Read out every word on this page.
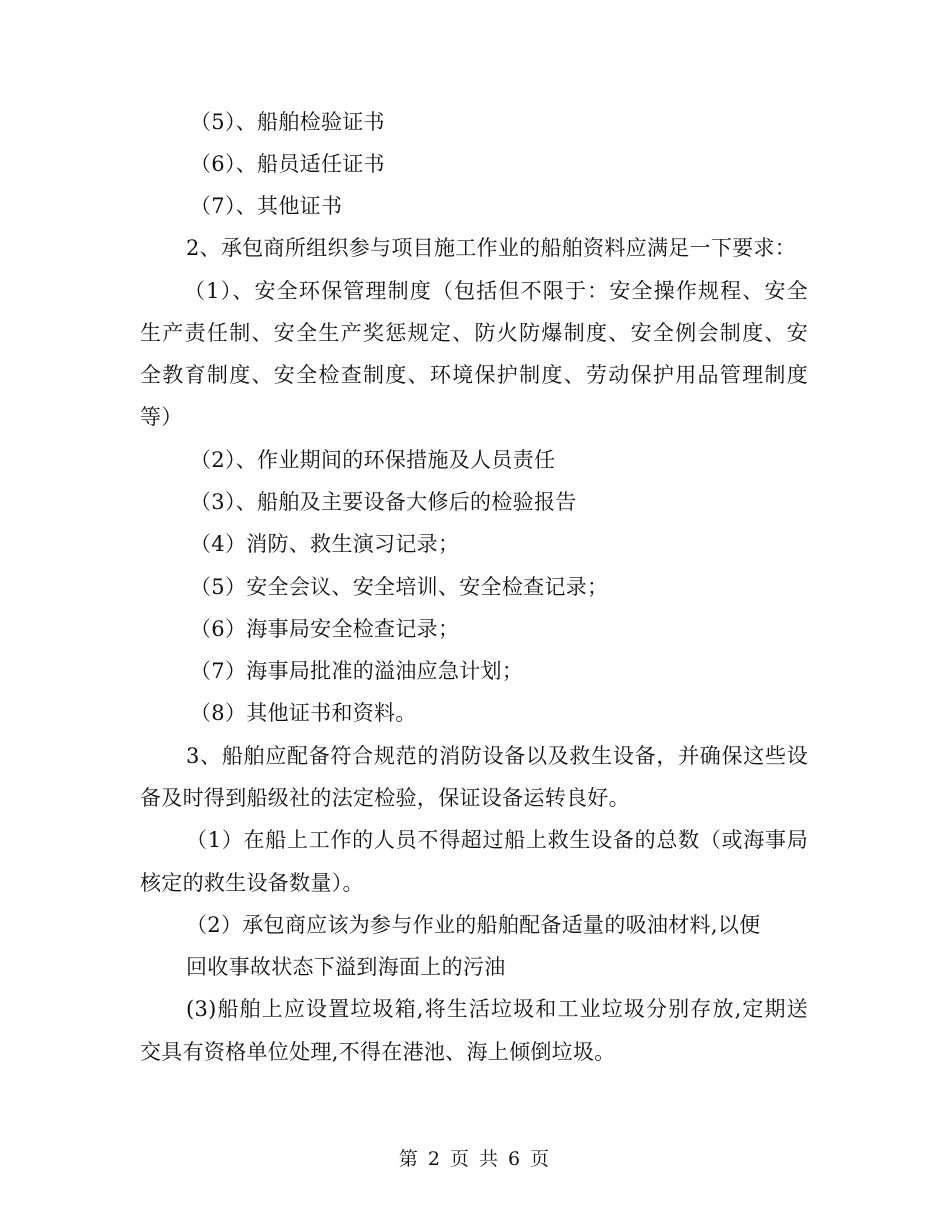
（5）、船舶检验证书
（6）、船员适任证书
（7）、其他证书
2、承包商所组织参与项目施工作业的船舶资料应满足一下要求：
（1）、安全环保管理制度（包括但不限于：安全操作规程、安全
生产责任制、安全生产奖惩规定、防火防爆制度、安全例会制度、安
全教育制度、安全检查制度、环境保护制度、劳动保护用品管理制度
等）
（2）、作业期间的环保措施及人员责任
（3）、船舶及主要设备大修后的检验报告
（4）消防、救生演习记录；
（5）安全会议、安全培训、安全检查记录；
（6）海事局安全检查记录；
（7）海事局批准的溢油应急计划；
（8）其他证书和资料。
3、船舶应配备符合规范的消防设备以及救生设备，并确保这些设
备及时得到船级社的法定检验，保证设备运转良好。
（1）在船上工作的人员不得超过船上救生设备的总数（或海事局
核定的救生设备数量）。
（2）承包商应该为参与作业的船舶配备适量的吸油材料,以便
回收事故状态下溢到海面上的污油
(3)船舶上应设置垃圾箱,将生活垃圾和工业垃圾分别存放,定期送
交具有资格单位处理,不得在港池、海上倾倒垃圾。
第 2 页 共 6 页
